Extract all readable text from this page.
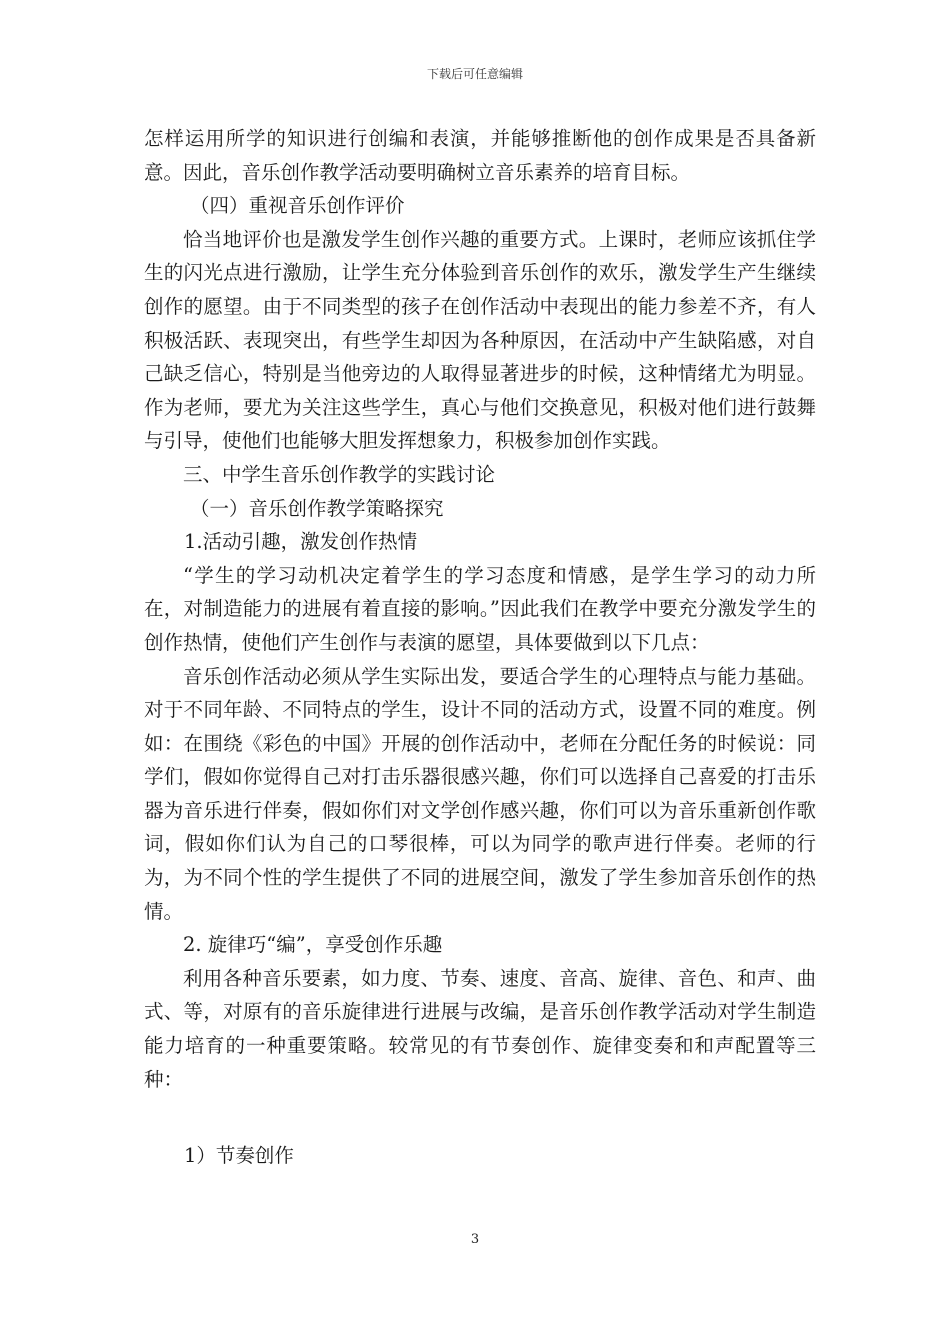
下载后可任意编辑

怎样运用所学的知识进行创编和表演，并能够推断他的创作成果是否具备新意。因此，音乐创作教学活动要明确树立音乐素养的培育目标。

（四）重视音乐创作评价

恰当地评价也是激发学生创作兴趣的重要方式。上课时，老师应该抓住学生的闪光点进行激励，让学生充分体验到音乐创作的欢乐，激发学生产生继续创作的愿望。由于不同类型的孩子在创作活动中表现出的能力参差不齐，有人积极活跃、表现突出，有些学生却因为各种原因，在活动中产生缺陷感，对自己缺乏信心，特别是当他旁边的人取得显著进步的时候，这种情绪尤为明显。作为老师，要尤为关注这些学生，真心与他们交换意见，积极对他们进行鼓舞与引导，使他们也能够大胆发挥想象力，积极参加创作实践。

三、中学生音乐创作教学的实践讨论

（一）音乐创作教学策略探究

1.活动引趣，激发创作热情

“学生的学习动机决定着学生的学习态度和情感，是学生学习的动力所在，对制造能力的进展有着直接的影响。”因此我们在教学中要充分激发学生的创作热情，使他们产生创作与表演的愿望，具体要做到以下几点：

音乐创作活动必须从学生实际出发，要适合学生的心理特点与能力基础。对于不同年龄、不同特点的学生，设计不同的活动方式，设置不同的难度。例如：在围绕《彩色的中国》开展的创作活动中，老师在分配任务的时候说：同学们，假如你觉得自己对打击乐器很感兴趣，你们可以选择自己喜爱的打击乐器为音乐进行伴奏，假如你们对文学创作感兴趣，你们可以为音乐重新创作歌词，假如你们认为自己的口琴很棒，可以为同学的歌声进行伴奏。老师的行为，为不同个性的学生提供了不同的进展空间，激发了学生参加音乐创作的热情。

2. 旋律巧“编”，享受创作乐趣

利用各种音乐要素，如力度、节奏、速度、音高、旋律、音色、和声、曲式、等，对原有的音乐旋律进行进展与改编，是音乐创作教学活动对学生制造能力培育的一种重要策略。较常见的有节奏创作、旋律变奏和和声配置等三种：

1）节奏创作

3
